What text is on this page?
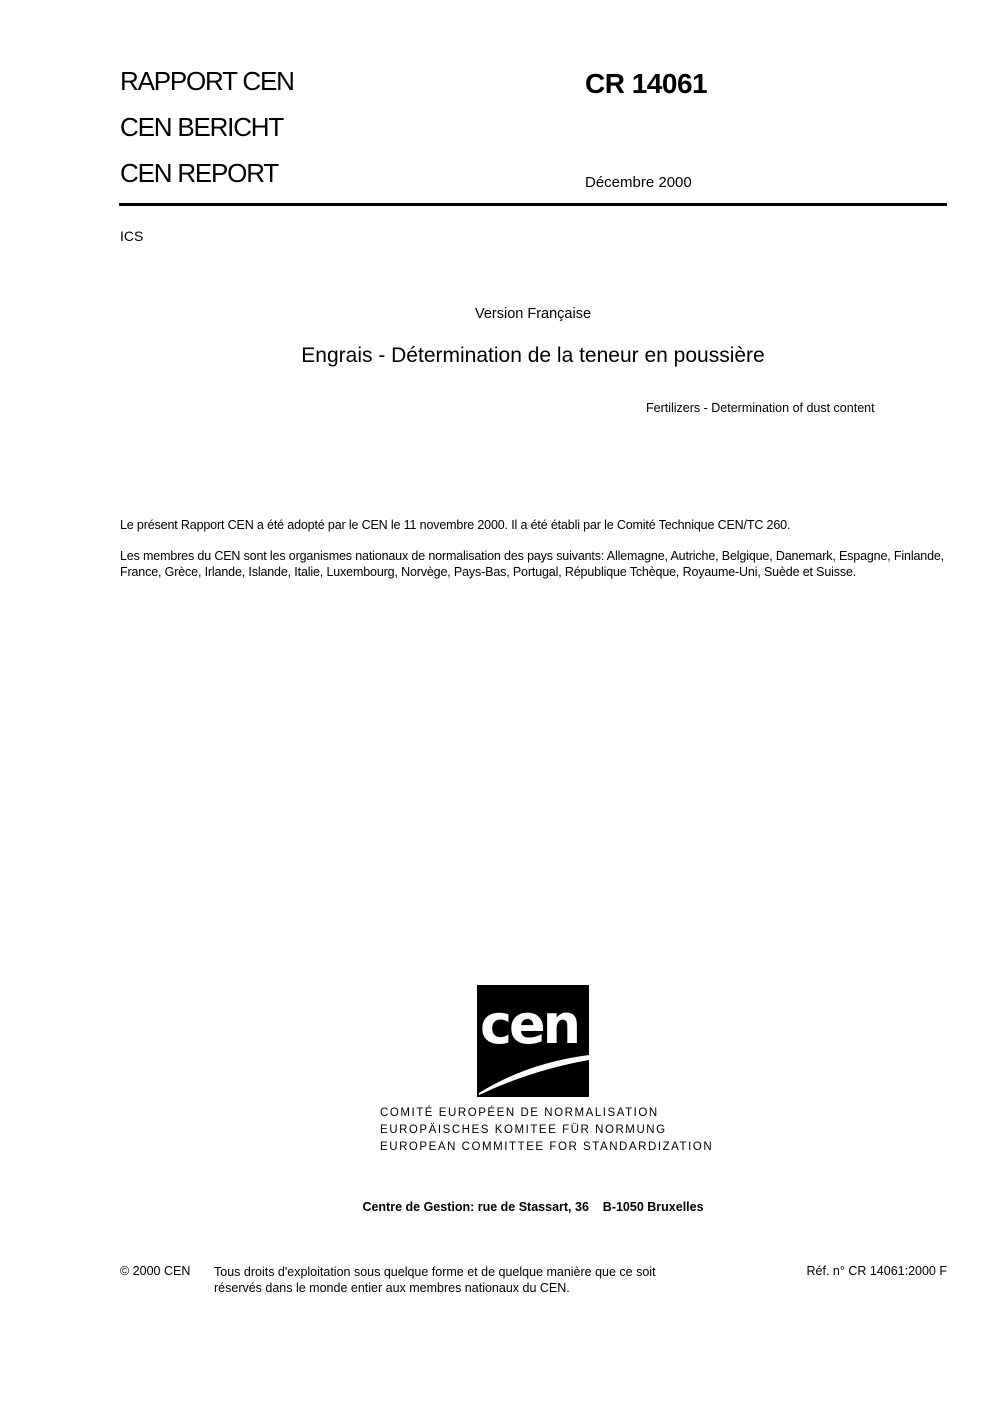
RAPPORT CEN
CEN BERICHT
CEN REPORT
CR 14061
Décembre 2000
ICS
Version Française
Engrais - Détermination de la teneur en poussière
Fertilizers - Determination of dust content
Le présent Rapport CEN a été adopté par le CEN le 11 novembre 2000. Il a été établi par le Comité Technique CEN/TC 260.
Les membres du CEN sont les organismes nationaux de normalisation des pays suivants: Allemagne, Autriche, Belgique, Danemark, Espagne, Finlande, France, Grèce, Irlande, Islande, Italie, Luxembourg, Norvège, Pays-Bas, Portugal, République Tchèque, Royaume-Uni, Suède et Suisse.
cen
COMITÉ EUROPÉEN DE NORMALISATION
EUROPÄISCHES KOMITEE FÜR NORMUNG
EUROPEAN COMMITTEE FOR STANDARDIZATION
Centre de Gestion: rue de Stassart, 36    B-1050 Bruxelles
© 2000 CEN Tous droits d'exploitation sous quelque forme et de quelque manière que ce soit réservés dans le monde entier aux membres nationaux du CEN.
Réf. n° CR 14061:2000 F
